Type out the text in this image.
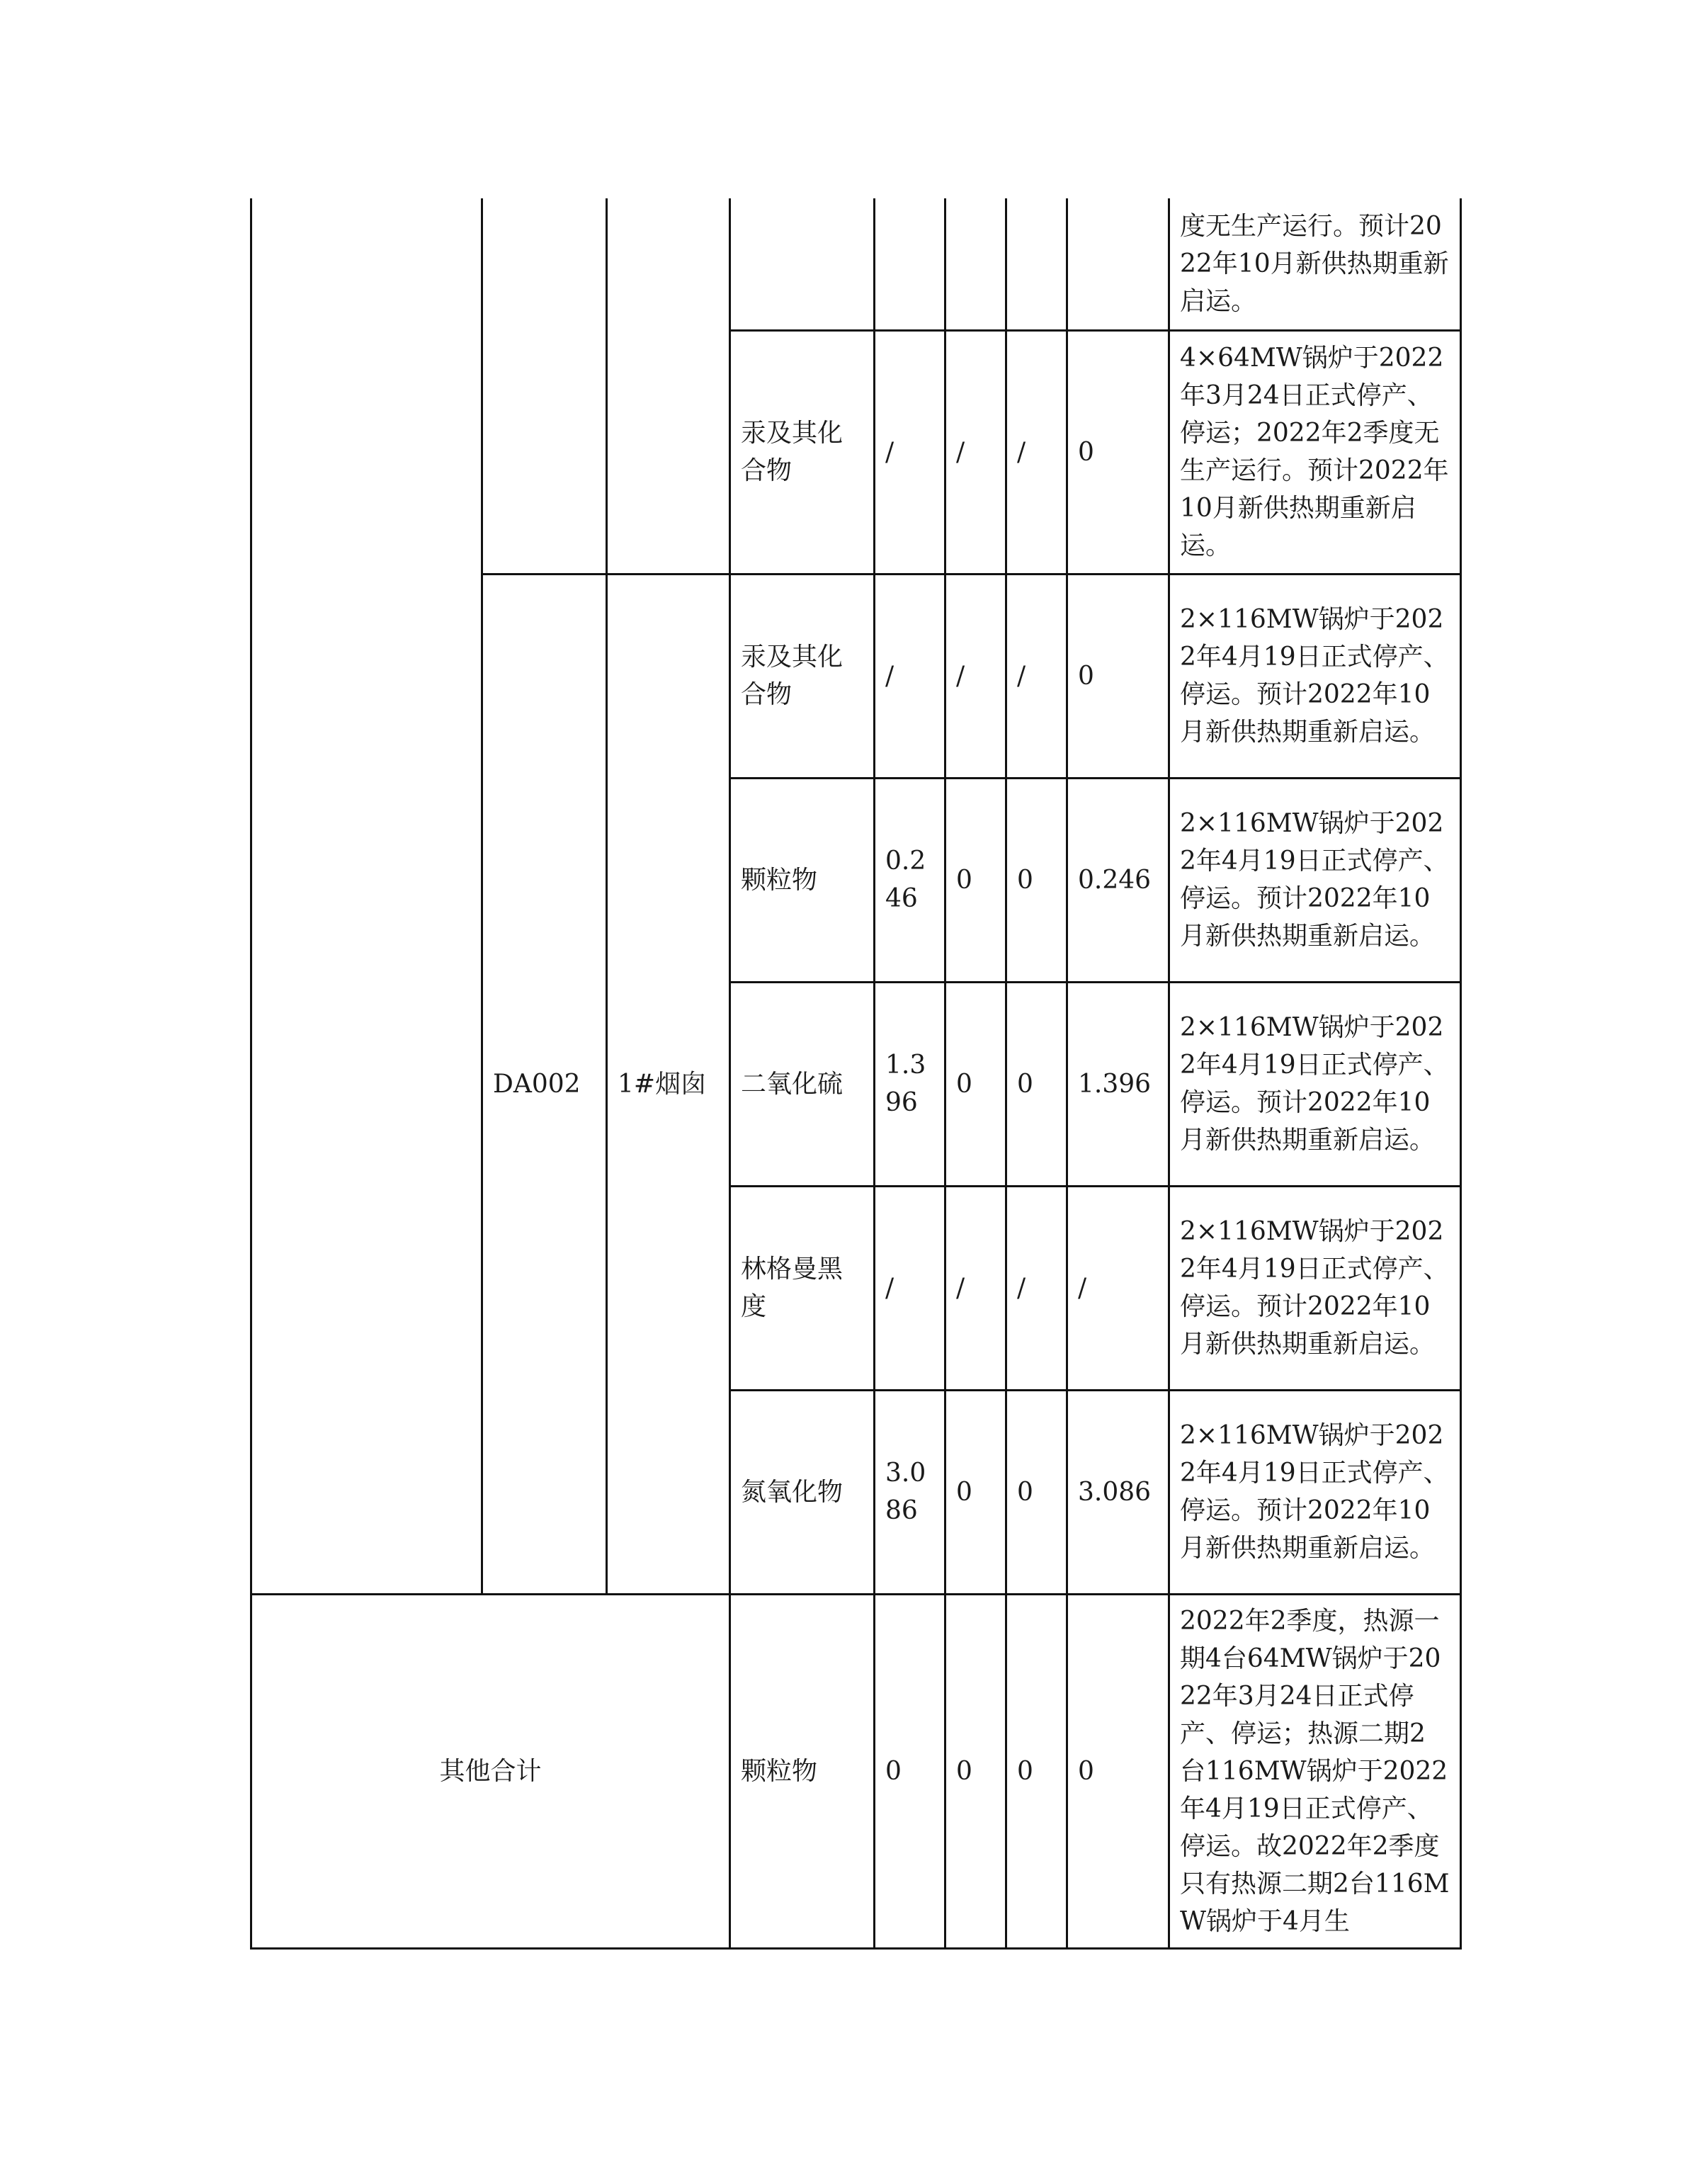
								度无生产运行。预计2022年10月新供热期重新启运。
			汞及其化合物	/	/	/	0	4×64MW锅炉于2022年3月24日正式停产、停运；2022年2季度无生产运行。预计2022年10月新供热期重新启运。
	DA002	1#烟囱	汞及其化合物	/	/	/	0	2×116MW锅炉于2022年4月19日正式停产、停运。预计2022年10月新供热期重新启运。
			颗粒物	0.246	0	0	0.246	2×116MW锅炉于2022年4月19日正式停产、停运。预计2022年10月新供热期重新启运。
			二氧化硫	1.396	0	0	1.396	2×116MW锅炉于2022年4月19日正式停产、停运。预计2022年10月新供热期重新启运。
			林格曼黑度	/	/	/	/	2×116MW锅炉于2022年4月19日正式停产、停运。预计2022年10月新供热期重新启运。
			氮氧化物	3.086	0	0	3.086	2×116MW锅炉于2022年4月19日正式停产、停运。预计2022年10月新供热期重新启运。
其他合计			颗粒物	0	0	0	0	2022年2季度，热源一期4台64MW锅炉于2022年3月24日正式停产、停运；热源二期2台116MW锅炉于2022年4月19日正式停产、停运。故2022年2季度只有热源二期2台116MW锅炉于4月生
